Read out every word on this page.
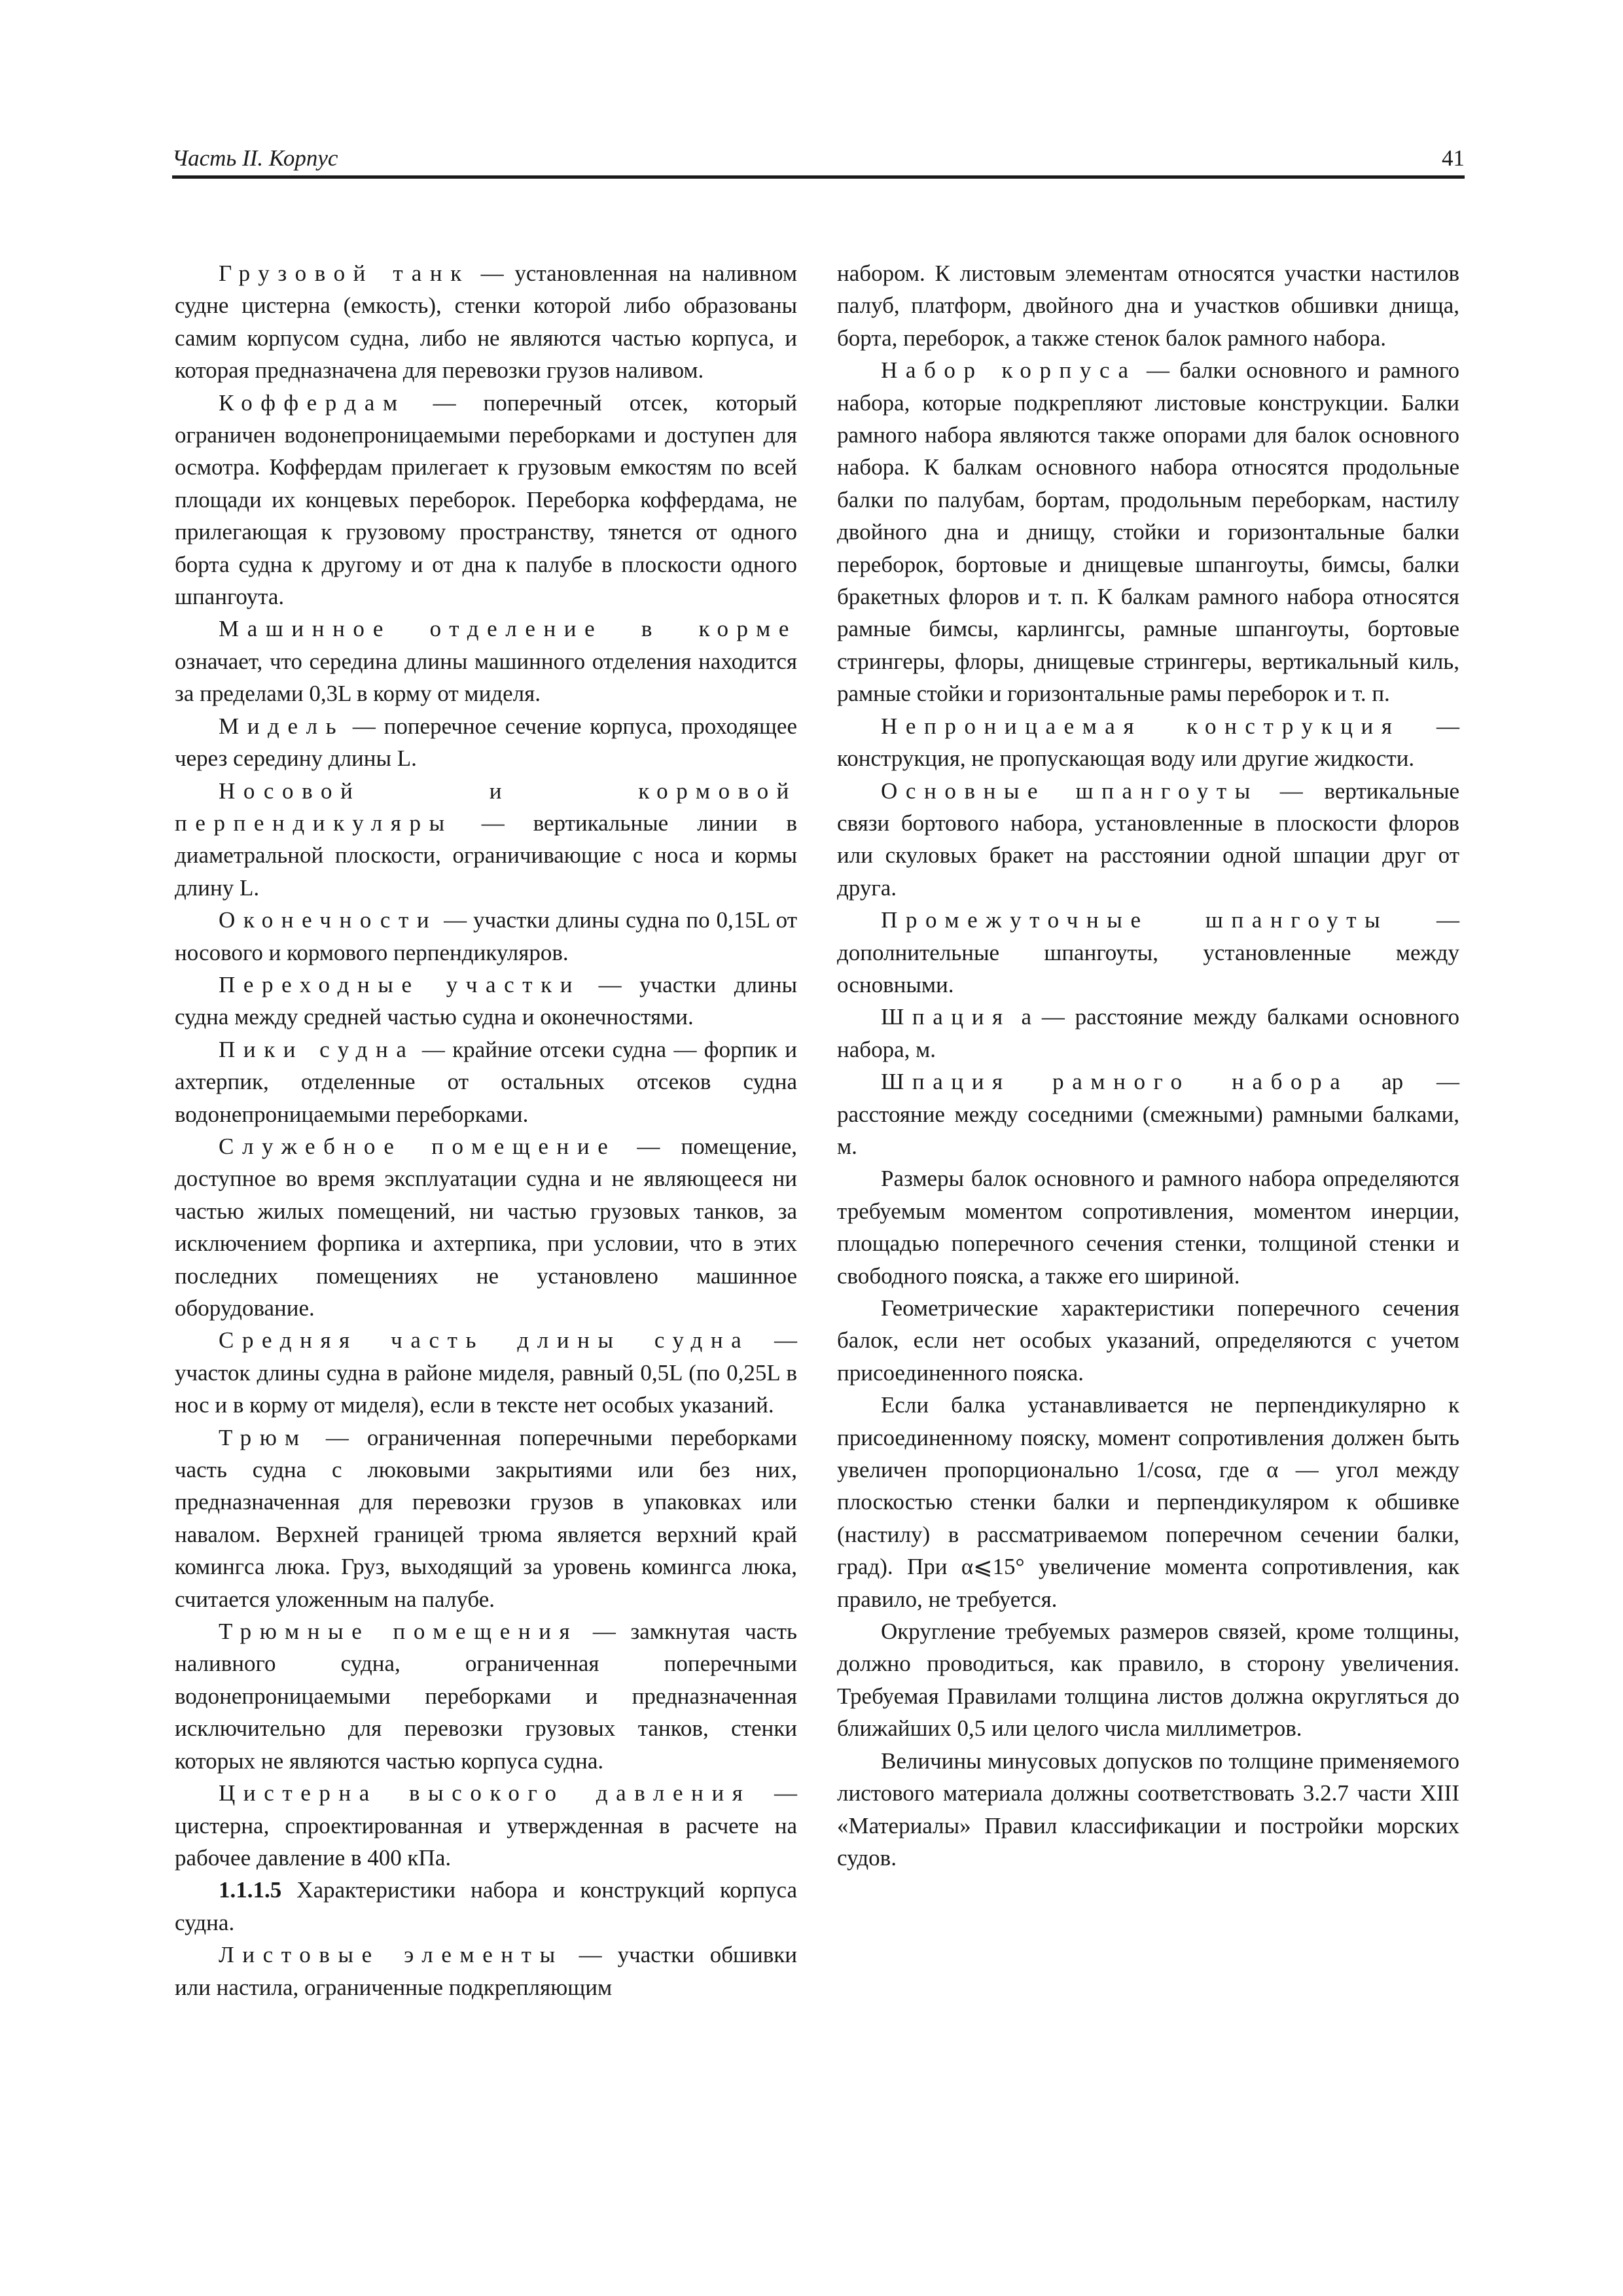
Часть II. Корпус	41

Грузовой танк — установленная на наливном судне цистерна (емкость), стенки которой либо образованы самим корпусом судна, либо не являются частью корпуса, и которая предназначена для перевозки грузов наливом.

Коффердам — поперечный отсек, который ограничен водонепроницаемыми переборками и доступен для осмотра. Коффердам прилегает к грузовым емкостям по всей площади их концевых переборок. Переборка коффердама, не прилегающая к грузовому пространству, тянется от одного борта судна к другому и от дна к палубе в плоскости одного шпангоута.

Машинное отделение в корме означает, что середина длины машинного отделения находится за пределами 0,3L в корму от миделя.

Мидель — поперечное сечение корпуса, проходящее через середину длины L.

Носовой и кормовой перпендикуляры — вертикальные линии в диаметральной плоскости, ограничивающие с носа и кормы длину L.

Оконечности — участки длины судна по 0,15L от носового и кормового перпендикуляров.

Переходные участки — участки длины судна между средней частью судна и оконечностями.

Пики судна — крайние отсеки судна — форпик и ахтерпик, отделенные от остальных отсеков судна водонепроницаемыми переборками.

Служебное помещение — помещение, доступное во время эксплуатации судна и не являющееся ни частью жилых помещений, ни частью грузовых танков, за исключением форпика и ахтерпика, при условии, что в этих последних помещениях не установлено машинное оборудование.

Средняя часть длины судна — участок длины судна в районе миделя, равный 0,5L (по 0,25L в нос и в корму от миделя), если в тексте нет особых указаний.

Трюм — ограниченная поперечными переборками часть судна с люковыми закрытиями или без них, предназначенная для перевозки грузов в упаковках или навалом. Верхней границей трюма является верхний край комингса люка. Груз, выходящий за уровень комингса люка, считается уложенным на палубе.

Трюмные помещения — замкнутая часть наливного судна, ограниченная поперечными водонепроницаемыми переборками и предназначенная исключительно для перевозки грузовых танков, стенки которых не являются частью корпуса судна.

Цистерна высокого давления — цистерна, спроектированная и утвержденная в расчете на рабочее давление в 400 кПа.

1.1.1.5 Характеристики набора и конструкций корпуса судна.

Листовые элементы — участки обшивки или настила, ограниченные подкрепляющим

набором. К листовым элементам относятся участки настилов палуб, платформ, двойного дна и участков обшивки днища, борта, переборок, а также стенок балок рамного набора.

Набор корпуса — балки основного и рамного набора, которые подкрепляют листовые конструкции. Балки рамного набора являются также опорами для балок основного набора. К балкам основного набора относятся продольные балки по палубам, бортам, продольным переборкам, настилу двойного дна и днищу, стойки и горизонтальные балки переборок, бортовые и днищевые шпангоуты, бимсы, балки бракетных флоров и т. п. К балкам рамного набора относятся рамные бимсы, карлингсы, рамные шпангоуты, бортовые стрингеры, флоры, днищевые стрингеры, вертикальный киль, рамные стойки и горизонтальные рамы переборок и т. п.

Непроницаемая конструкция — конструкция, не пропускающая воду или другие жидкости.

Основные шпангоуты — вертикальные связи бортового набора, установленные в плоскости флоров или скуловых бракет на расстоянии одной шпации друг от друга.

Промежуточные шпангоуты — дополнительные шпангоуты, установленные между основными.

Шпация a — расстояние между балками основного набора, м.

Шпация рамного набора aр — расстояние между соседними (смежными) рамными балками, м.

Размеры балок основного и рамного набора определяются требуемым моментом сопротивления, моментом инерции, площадью поперечного сечения стенки, толщиной стенки и свободного пояска, а также его шириной.

Геометрические характеристики поперечного сечения балок, если нет особых указаний, определяются с учетом присоединенного пояска.

Если балка устанавливается не перпендикулярно к присоединенному пояску, момент сопротивления должен быть увеличен пропорционально 1/cosα, где α — угол между плоскостью стенки балки и перпендикуляром к обшивке (настилу) в рассматриваемом поперечном сечении балки, град). При α⩽15° увеличение момента сопротивления, как правило, не требуется.

Округление требуемых размеров связей, кроме толщины, должно проводиться, как правило, в сторону увеличения. Требуемая Правилами толщина листов должна округляться до ближайших 0,5 или целого числа миллиметров.

Величины минусовых допусков по толщине применяемого листового материала должны соответствовать 3.2.7 части XIII «Материалы» Правил классификации и постройки морских судов.
